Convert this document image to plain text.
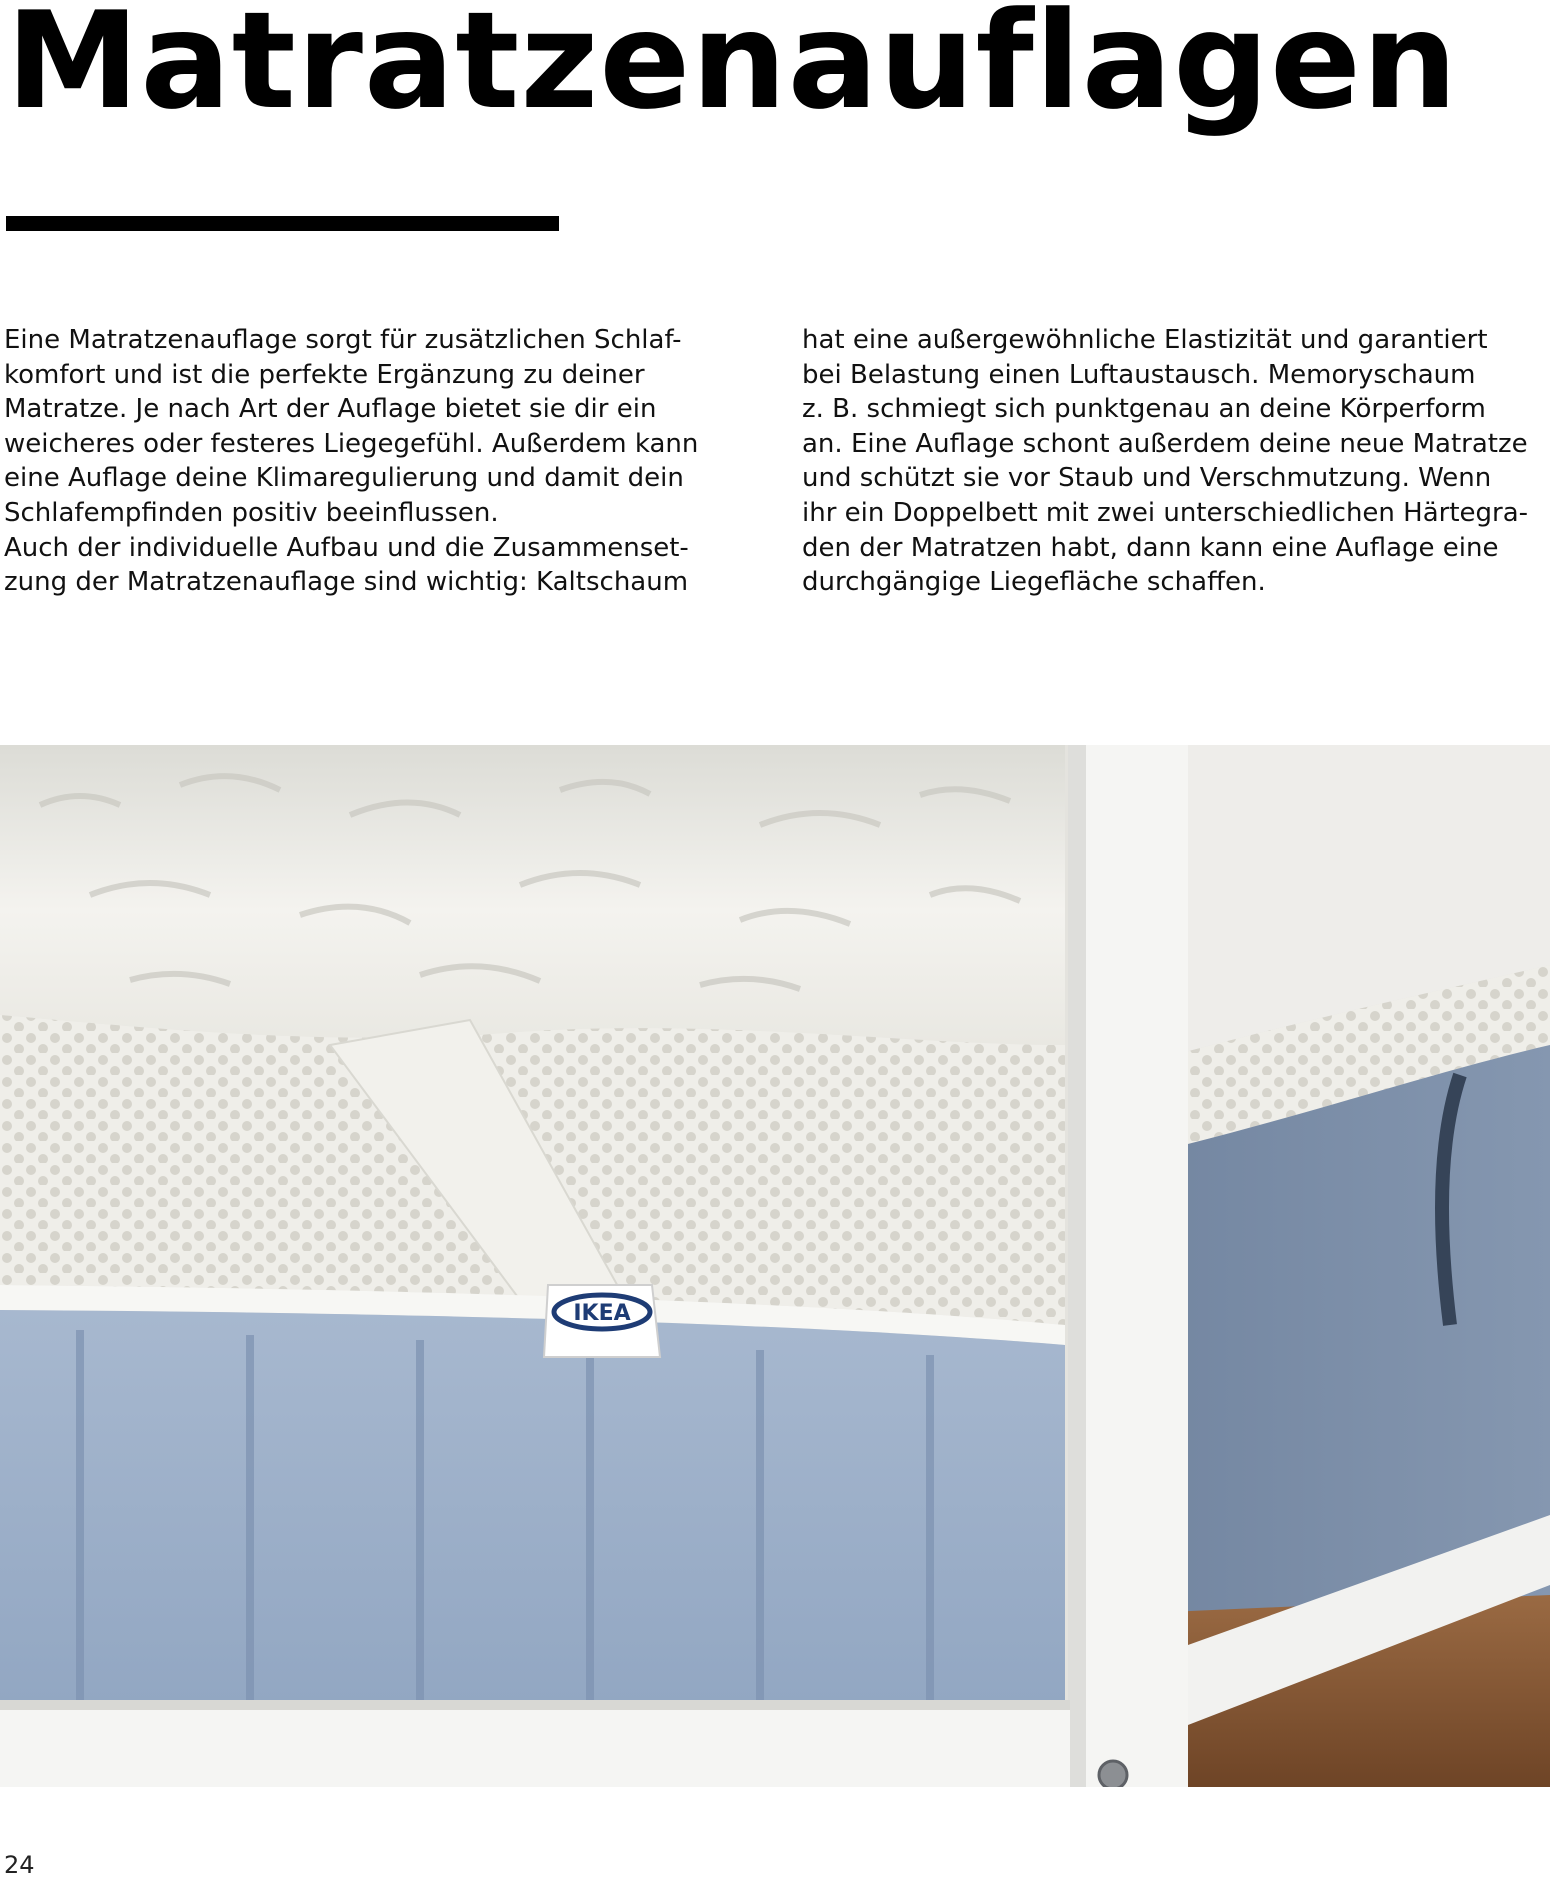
Matratzenauflagen

Eine Matratzenauflage sorgt für zusätzlichen Schlaf-
komfort und ist die perfekte Ergänzung zu deiner
Matratze. Je nach Art der Auflage bietet sie dir ein
weicheres oder festeres Liegegefühl. Außerdem kann
eine Auflage deine Klimaregulierung und damit dein
Schlafempfinden positiv beeinflussen.
Auch der individuelle Aufbau und die Zusammenset-
zung der Matratzenauflage sind wichtig: Kaltschaum

hat eine außergewöhnliche Elastizität und garantiert
bei Belastung einen Luftaustausch. Memoryschaum
z. B. schmiegt sich punktgenau an deine Körperform
an. Eine Auflage schont außerdem deine neue Matratze
und schützt sie vor Staub und Verschmutzung. Wenn
ihr ein Doppelbett mit zwei unterschiedlichen Härtegra-
den der Matratzen habt, dann kann eine Auflage eine
durchgängige Liegefläche schaffen.

IKEA
24
